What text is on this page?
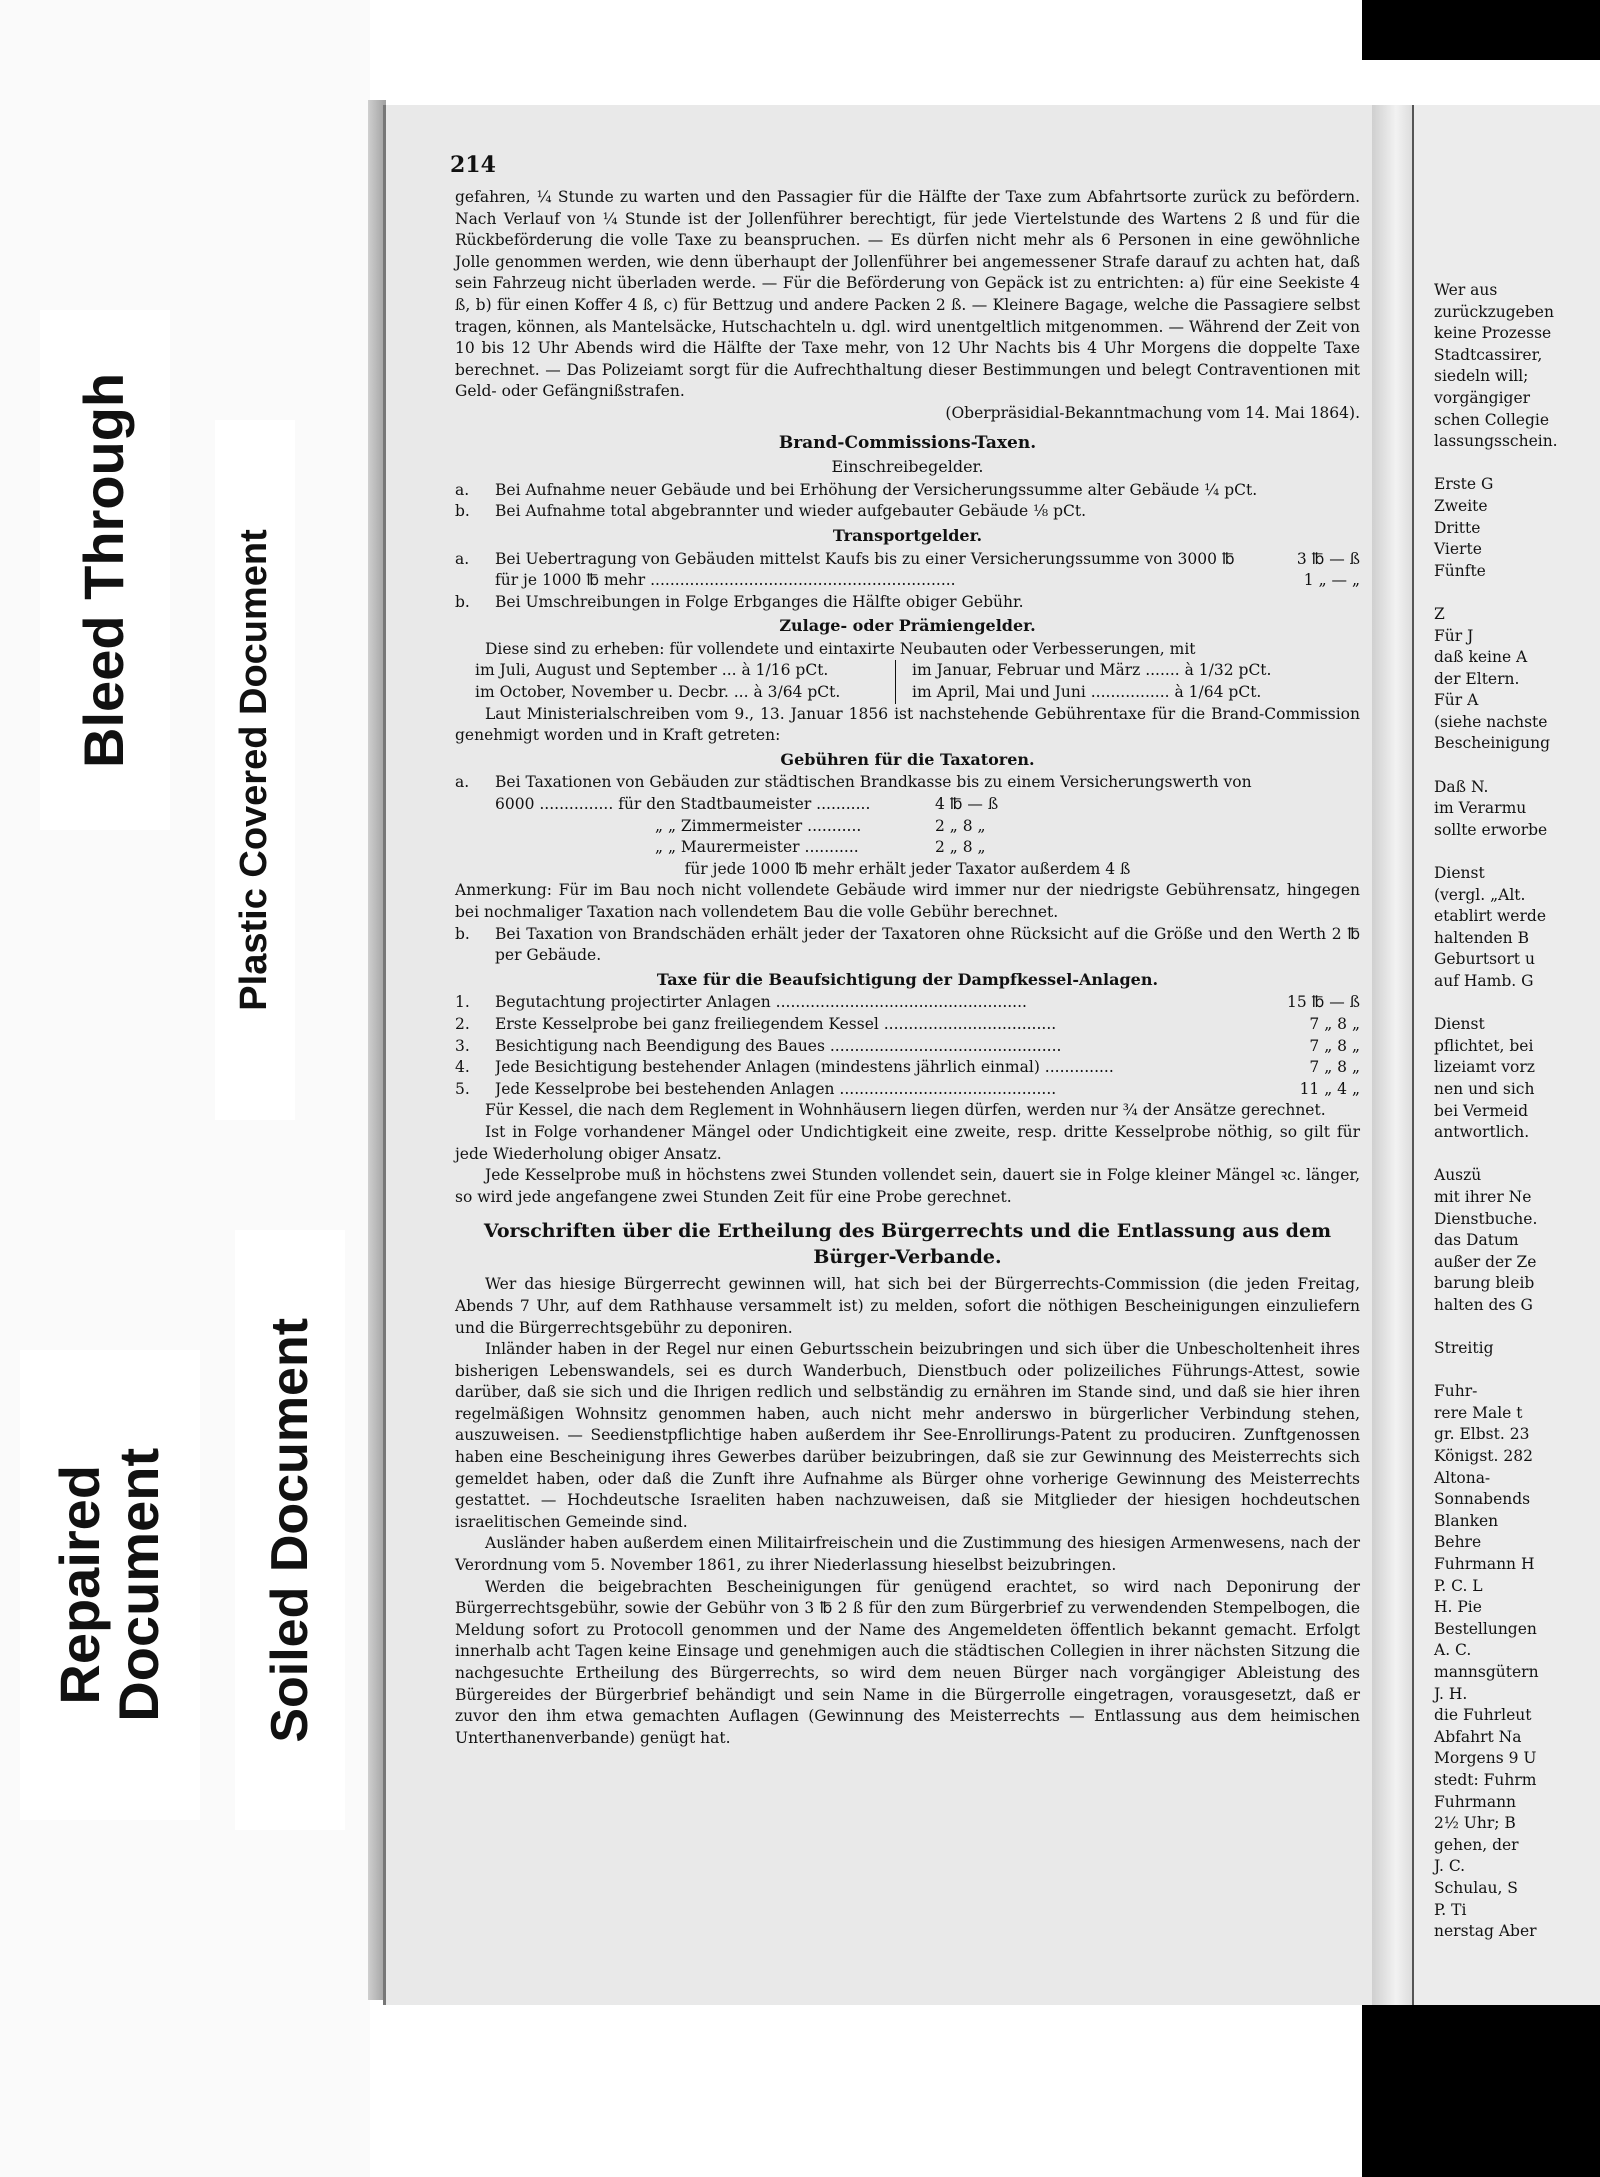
Bleed Through	Plastic Covered Document
Repaired
Document Soiled Document
Wer aus
zurückzugeben
keine Prozesse
Stadtcassirer,
siedeln will;
vorgängiger
schen Collegie
lassungsschein.
Erste G
Zweite
Dritte
Vierte
Fünfte
Z
Für J
daß keine A
der Eltern.
Für A
(siehe nachste
Bescheinigung
Daß N.
im Verarmu
sollte erworbe
Dienst
(vergl. „Alt.
etablirt werde
haltenden B
Geburtsort u
auf Hamb. G
Dienst
pflichtet, bei
lizeiamt vorz
nen und sich
bei Vermeid
antwortlich.
Auszü
mit ihrer Ne
Dienstbuche.
das Datum
außer der Ze
barung bleib
halten des G
Streitig
Fuhr-
rere Male t
gr. Elbst. 23
Königst. 282
Altona-
Sonnabends
Blanken
Behre
Fuhrmann H
P. C. L
H. Pie
Bestellungen
A. C.
mannsgütern
J. H.
die Fuhrleut
Abfahrt Na
Morgens 9 U
stedt: Fuhrm
Fuhrmann
2½ Uhr; B
gehen, der
J. C.
Schulau, S
P. Ti
nerstag Aber
214

gefahren, ¼ Stunde zu warten und den Passagier für die Hälfte der Taxe zum Abfahrtsorte zurück zu befördern. Nach Verlauf von ¼ Stunde ist der Jollenführer berechtigt, für jede Viertelstunde des Wartens 2 ß und für die Rückbeförderung die volle Taxe zu beanspruchen. — Es dürfen nicht mehr als 6 Personen in eine gewöhnliche Jolle genommen werden, wie denn überhaupt der Jollenführer bei angemessener Strafe darauf zu achten hat, daß sein Fahrzeug nicht überladen werde. — Für die Beförderung von Gepäck ist zu entrichten: a) für eine Seekiste 4 ß, b) für einen Koffer 4 ß, c) für Bettzug und andere Packen 2 ß. — Kleinere Bagage, welche die Passagiere selbst tragen, können, als Mantelsäcke, Hutschachteln u. dgl. wird unentgeltlich mitgenommen. — Während der Zeit von 10 bis 12 Uhr Abends wird die Hälfte der Taxe mehr, von 12 Uhr Nachts bis 4 Uhr Morgens die doppelte Taxe berechnet. — Das Polizeiamt sorgt für die Aufrechthaltung dieser Bestimmungen und belegt Contraventionen mit Geld- oder Gefängnißstrafen.

(Oberpräsidial-Bekanntmachung vom 14. Mai 1864).

Brand-Commissions-Taxen.
Einschreibegelder.
a.	Bei Aufnahme neuer Gebäude und bei Erhöhung der Versicherungssumme alter Gebäude ¼ pCt.
b.	Bei Aufnahme total abgebrannter und wieder aufgebauter Gebäude ⅛ pCt.
Transportgelder.
a.	Bei Uebertragung von Gebäuden mittelst Kaufs bis zu einer Versicherungssumme von 3000 ℔	3 ℔ — ß
für je 1000 ℔ mehr ..............................................................	1 „ — „
b.	Bei Umschreibungen in Folge Erbganges die Hälfte obiger Gebühr.
Zulage- oder Prämiengelder.

Diese sind zu erheben: für vollendete und eintaxirte Neubauten oder Verbesserungen, mit

im Juli, August und September ... à 1/16 pCt.	im Januar, Februar und März ....... à 1/32 pCt.
im October, November u. Decbr. ... à 3/64 pCt.	im April, Mai und Juni ................ à 1/64 pCt.

Laut Ministerialschreiben vom 9., 13. Januar 1856 ist nachstehende Gebührentaxe für die Brand-Commission genehmigt worden und in Kraft getreten:

Gebühren für die Taxatoren.
a.	Bei Taxationen von Gebäuden zur städtischen Brandkasse bis zu einem Versicherungswerth von
6000 ............... für den Stadtbaumeister ...........	4 ℔ — ß
„ „ Zimmermeister ...........	2 „ 8 „
„ „ Maurermeister ...........	2 „ 8 „

für jede 1000 ℔ mehr erhält jeder Taxator außerdem 4 ß

Anmerkung: Für im Bau noch nicht vollendete Gebäude wird immer nur der niedrigste Gebührensatz, hingegen bei nochmaliger Taxation nach vollendetem Bau die volle Gebühr berechnet.

b.	Bei Taxation von Brandschäden erhält jeder der Taxatoren ohne Rücksicht auf die Größe und den Werth 2 ℔ per Gebäude.
Taxe für die Beaufsichtigung der Dampfkessel-Anlagen.
1.	Begutachtung projectirter Anlagen ...................................................	15 ℔ — ß
2.	Erste Kesselprobe bei ganz freiliegendem Kessel ...................................	7 „ 8 „
3.	Besichtigung nach Beendigung des Baues ...............................................	7 „ 8 „
4.	Jede Besichtigung bestehender Anlagen (mindestens jährlich einmal) ..............	7 „ 8 „
5.	Jede Kesselprobe bei bestehenden Anlagen ............................................	11 „ 4 „

Für Kessel, die nach dem Reglement in Wohnhäusern liegen dürfen, werden nur ¾ der Ansätze gerechnet.

Ist in Folge vorhandener Mängel oder Undichtigkeit eine zweite, resp. dritte Kesselprobe nöthig, so gilt für jede Wiederholung obiger Ansatz.

Jede Kesselprobe muß in höchstens zwei Stunden vollendet sein, dauert sie in Folge kleiner Mängel ꝛc. länger, so wird jede angefangene zwei Stunden Zeit für eine Probe gerechnet.

Vorschriften über die Ertheilung des Bürgerrechts und die Entlassung aus dem Bürger-Verbande.

Wer das hiesige Bürgerrecht gewinnen will, hat sich bei der Bürgerrechts-Commission (die jeden Freitag, Abends 7 Uhr, auf dem Rathhause versammelt ist) zu melden, sofort die nöthigen Bescheinigungen einzuliefern und die Bürgerrechtsgebühr zu deponiren.

Inländer haben in der Regel nur einen Geburtsschein beizubringen und sich über die Unbescholtenheit ihres bisherigen Lebenswandels, sei es durch Wanderbuch, Dienstbuch oder polizeiliches Führungs-Attest, sowie darüber, daß sie sich und die Ihrigen redlich und selbständig zu ernähren im Stande sind, und daß sie hier ihren regelmäßigen Wohnsitz genommen haben, auch nicht mehr anderswo in bürgerlicher Verbindung stehen, auszuweisen. — Seedienstpflichtige haben außerdem ihr See-Enrollirungs-Patent zu produciren. Zunftgenossen haben eine Bescheinigung ihres Gewerbes darüber beizubringen, daß sie zur Gewinnung des Meisterrechts sich gemeldet haben, oder daß die Zunft ihre Aufnahme als Bürger ohne vorherige Gewinnung des Meisterrechts gestattet. — Hochdeutsche Israeliten haben nachzuweisen, daß sie Mitglieder der hiesigen hochdeutschen israelitischen Gemeinde sind.

Ausländer haben außerdem einen Militairfreischein und die Zustimmung des hiesigen Armenwesens, nach der Verordnung vom 5. November 1861, zu ihrer Niederlassung hieselbst beizubringen.

Werden die beigebrachten Bescheinigungen für genügend erachtet, so wird nach Deponirung der Bürgerrechtsgebühr, sowie der Gebühr von 3 ℔ 2 ß für den zum Bürgerbrief zu verwendenden Stempelbogen, die Meldung sofort zu Protocoll genommen und der Name des Angemeldeten öffentlich bekannt gemacht. Erfolgt innerhalb acht Tagen keine Einsage und genehmigen auch die städtischen Collegien in ihrer nächsten Sitzung die nachgesuchte Ertheilung des Bürgerrechts, so wird dem neuen Bürger nach vorgängiger Ableistung des Bürgereides der Bürgerbrief behändigt und sein Name in die Bürgerrolle eingetragen, vorausgesetzt, daß er zuvor den ihm etwa gemachten Auflagen (Gewinnung des Meisterrechts — Entlassung aus dem heimischen Unterthanenverbande) genügt hat.
